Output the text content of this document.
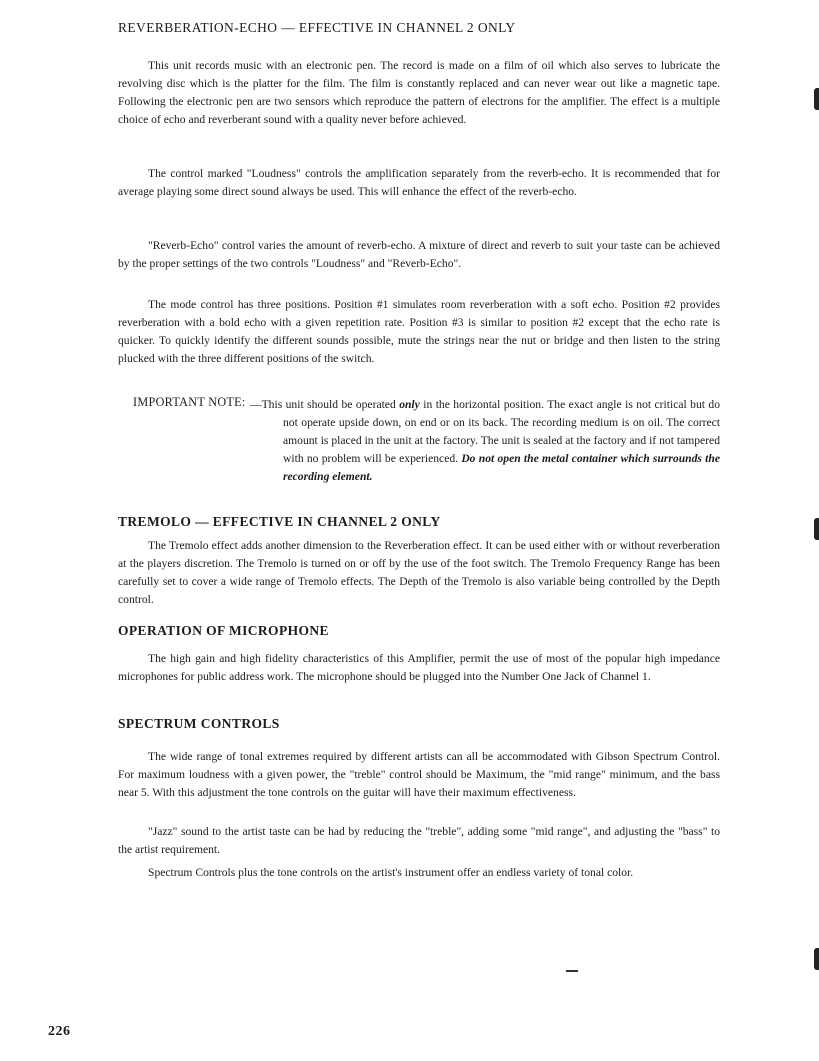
REVERBERATION-ECHO — EFFECTIVE IN CHANNEL 2 ONLY

This unit records music with an electronic pen. The record is made on a film of oil which also serves to lubricate the revolving disc which is the platter for the film. The film is constantly replaced and can never wear out like a magnetic tape. Following the electronic pen are two sensors which reproduce the pattern of electrons for the amplifier. The effect is a multiple choice of echo and reverberant sound with a quality never before achieved.

The control marked "Loudness" controls the amplification separately from the reverb-echo. It is recommended that for average playing some direct sound always be used. This will enhance the effect of the reverb-echo.

"Reverb-Echo" control varies the amount of reverb-echo. A mixture of direct and reverb to suit your taste can be achieved by the proper settings of the two controls "Loudness" and "Reverb-Echo".

The mode control has three positions. Position #1 simulates room reverberation with a soft echo. Position #2 provides reverberation with a bold echo with a given repetition rate. Position #3 is similar to position #2 except that the echo rate is quicker. To quickly identify the different sounds possible, mute the strings near the nut or bridge and then listen to the string plucked with the three different positions of the switch.

IMPORTANT NOTE: —This unit should be operated only in the horizontal position. The exact angle is not critical but do not operate upside down, on end or on its back. The recording medium is on oil. The correct amount is placed in the unit at the factory. The unit is sealed at the factory and if not tampered with no problem will be experienced. Do not open the metal container which surrounds the recording element.

TREMOLO — EFFECTIVE IN CHANNEL 2 ONLY

The Tremolo effect adds another dimension to the Reverberation effect. It can be used either with or without reverberation at the players discretion. The Tremolo is turned on or off by the use of the foot switch. The Tremolo Frequency Range has been carefully set to cover a wide range of Tremolo effects. The Depth of the Tremolo is also variable being controlled by the Depth control.

OPERATION OF MICROPHONE

The high gain and high fidelity characteristics of this Amplifier, permit the use of most of the popular high impedance microphones for public address work. The microphone should be plugged into the Number One Jack of Channel 1.

SPECTRUM CONTROLS

The wide range of tonal extremes required by different artists can all be accommodated with Gibson Spectrum Control. For maximum loudness with a given power, the "treble" control should be Maximum, the "mid range" minimum, and the bass near 5. With this adjustment the tone controls on the guitar will have their maximum effectiveness.

"Jazz" sound to the artist taste can be had by reducing the "treble", adding some "mid range", and adjusting the "bass" to the artist requirement.

Spectrum Controls plus the tone controls on the artist's instrument offer an endless variety of tonal color.

226
